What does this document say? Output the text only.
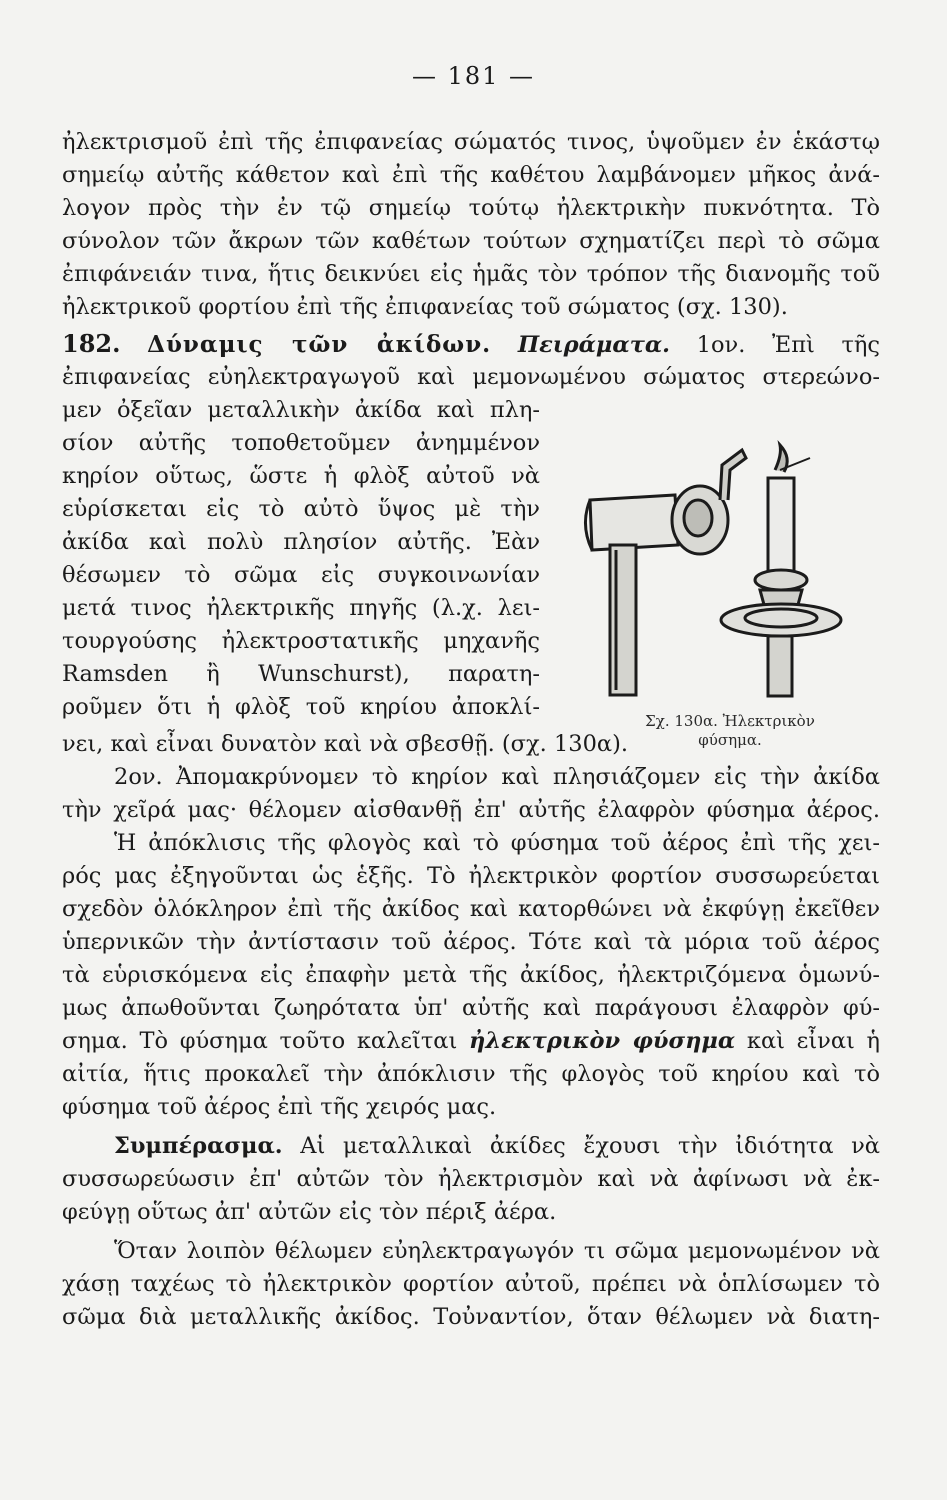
— 181 —
ἠλεκτρισμοῦ ἐπὶ τῆς ἐπιφανείας σώματός τινος, ὑψοῦμεν ἐν ἑκάστῳ
σημείῳ αὐτῆς κάθετον καὶ ἐπὶ τῆς καθέτου λαμβάνομεν μῆκος ἀνά-
λογον πρὸς τὴν ἐν τῷ σημείῳ τούτῳ ἠλεκτρικὴν πυκνότητα. Τὸ
σύνολον τῶν ἄκρων τῶν καθέτων τούτων σχηματίζει περὶ τὸ σῶμα
ἐπιφάνειάν τινα, ἥτις δεικνύει εἰς ἡμᾶς τὸν τρόπον τῆς διανομῆς τοῦ
ἠλεκτρικοῦ φορτίου ἐπὶ τῆς ἐπιφανείας τοῦ σώματος (σχ. 130).
182. Δύναμις τῶν ἀκίδων. Πειράματα. 1ον. Ἐπὶ τῆς
ἐπιφανείας εὐηλεκτραγωγοῦ καὶ μεμονωμένου σώματος στερεώνο-
μεν ὀξεῖαν μεταλλικὴν ἀκίδα καὶ πλη-
σίον αὐτῆς τοποθετοῦμεν ἀνημμένον
κηρίον οὕτως, ὥστε ἡ φλὸξ αὐτοῦ νὰ
εὑρίσκεται εἰς τὸ αὐτὸ ὕψος μὲ τὴν
ἀκίδα καὶ πολὺ πλησίον αὐτῆς. Ἐὰν
θέσωμεν τὸ σῶμα εἰς συγκοινωνίαν
μετά τινος ἠλεκτρικῆς πηγῆς (λ.χ. λει-
τουργούσης ἠλεκτροστατικῆς μηχανῆς
Ramsden ἢ Wunschurst), παρατη-
ροῦμεν ὅτι ἡ φλὸξ τοῦ κηρίου ἀποκλί-
νει, καὶ εἶναι δυνατὸν καὶ νὰ σβεσθῇ. (σχ. 130α).
Σχ. 130α. Ἠλεκτρικὸν
φύσημα.
2ον. Ἀπομακρύνομεν τὸ κηρίον καὶ πλησιάζομεν εἰς τὴν ἀκίδα
τὴν χεῖρά μας· θέλομεν αἰσθανθῇ ἐπ' αὐτῆς ἐλαφρὸν φύσημα ἀέρος.
Ἡ ἀπόκλισις τῆς φλογὸς καὶ τὸ φύσημα τοῦ ἀέρος ἐπὶ τῆς χει-
ρός μας ἐξηγοῦνται ὡς ἑξῆς. Τὸ ἠλεκτρικὸν φορτίον συσσωρεύεται
σχεδὸν ὁλόκληρον ἐπὶ τῆς ἀκίδος καὶ κατορθώνει νὰ ἐκφύγῃ ἐκεῖθεν
ὑπερνικῶν τὴν ἀντίστασιν τοῦ ἀέρος. Τότε καὶ τὰ μόρια τοῦ ἀέρος
τὰ εὑρισκόμενα εἰς ἐπαφὴν μετὰ τῆς ἀκίδος, ἠλεκτριζόμενα ὁμωνύ-
μως ἀπωθοῦνται ζωηρότατα ὑπ' αὐτῆς καὶ παράγουσι ἐλαφρὸν φύ-
σημα. Τὸ φύσημα τοῦτο καλεῖται ἠλεκτρικὸν φύσημα καὶ εἶναι ἡ
αἰτία, ἥτις προκαλεῖ τὴν ἀπόκλισιν τῆς φλογὸς τοῦ κηρίου καὶ τὸ
φύσημα τοῦ ἀέρος ἐπὶ τῆς χειρός μας.
Συμπέρασμα. Αἱ μεταλλικαὶ ἀκίδες ἔχουσι τὴν ἰδιότητα νὰ
συσσωρεύωσιν ἐπ' αὐτῶν τὸν ἠλεκτρισμὸν καὶ νὰ ἀφίνωσι νὰ ἐκ-
φεύγῃ οὕτως ἀπ' αὐτῶν εἰς τὸν πέριξ ἀέρα.
Ὅταν λοιπὸν θέλωμεν εὐηλεκτραγωγόν τι σῶμα μεμονωμένον νὰ
χάσῃ ταχέως τὸ ἠλεκτρικὸν φορτίον αὐτοῦ, πρέπει νὰ ὁπλίσωμεν τὸ
σῶμα διὰ μεταλλικῆς ἀκίδος. Τοὐναντίον, ὅταν θέλωμεν νὰ διατη-
